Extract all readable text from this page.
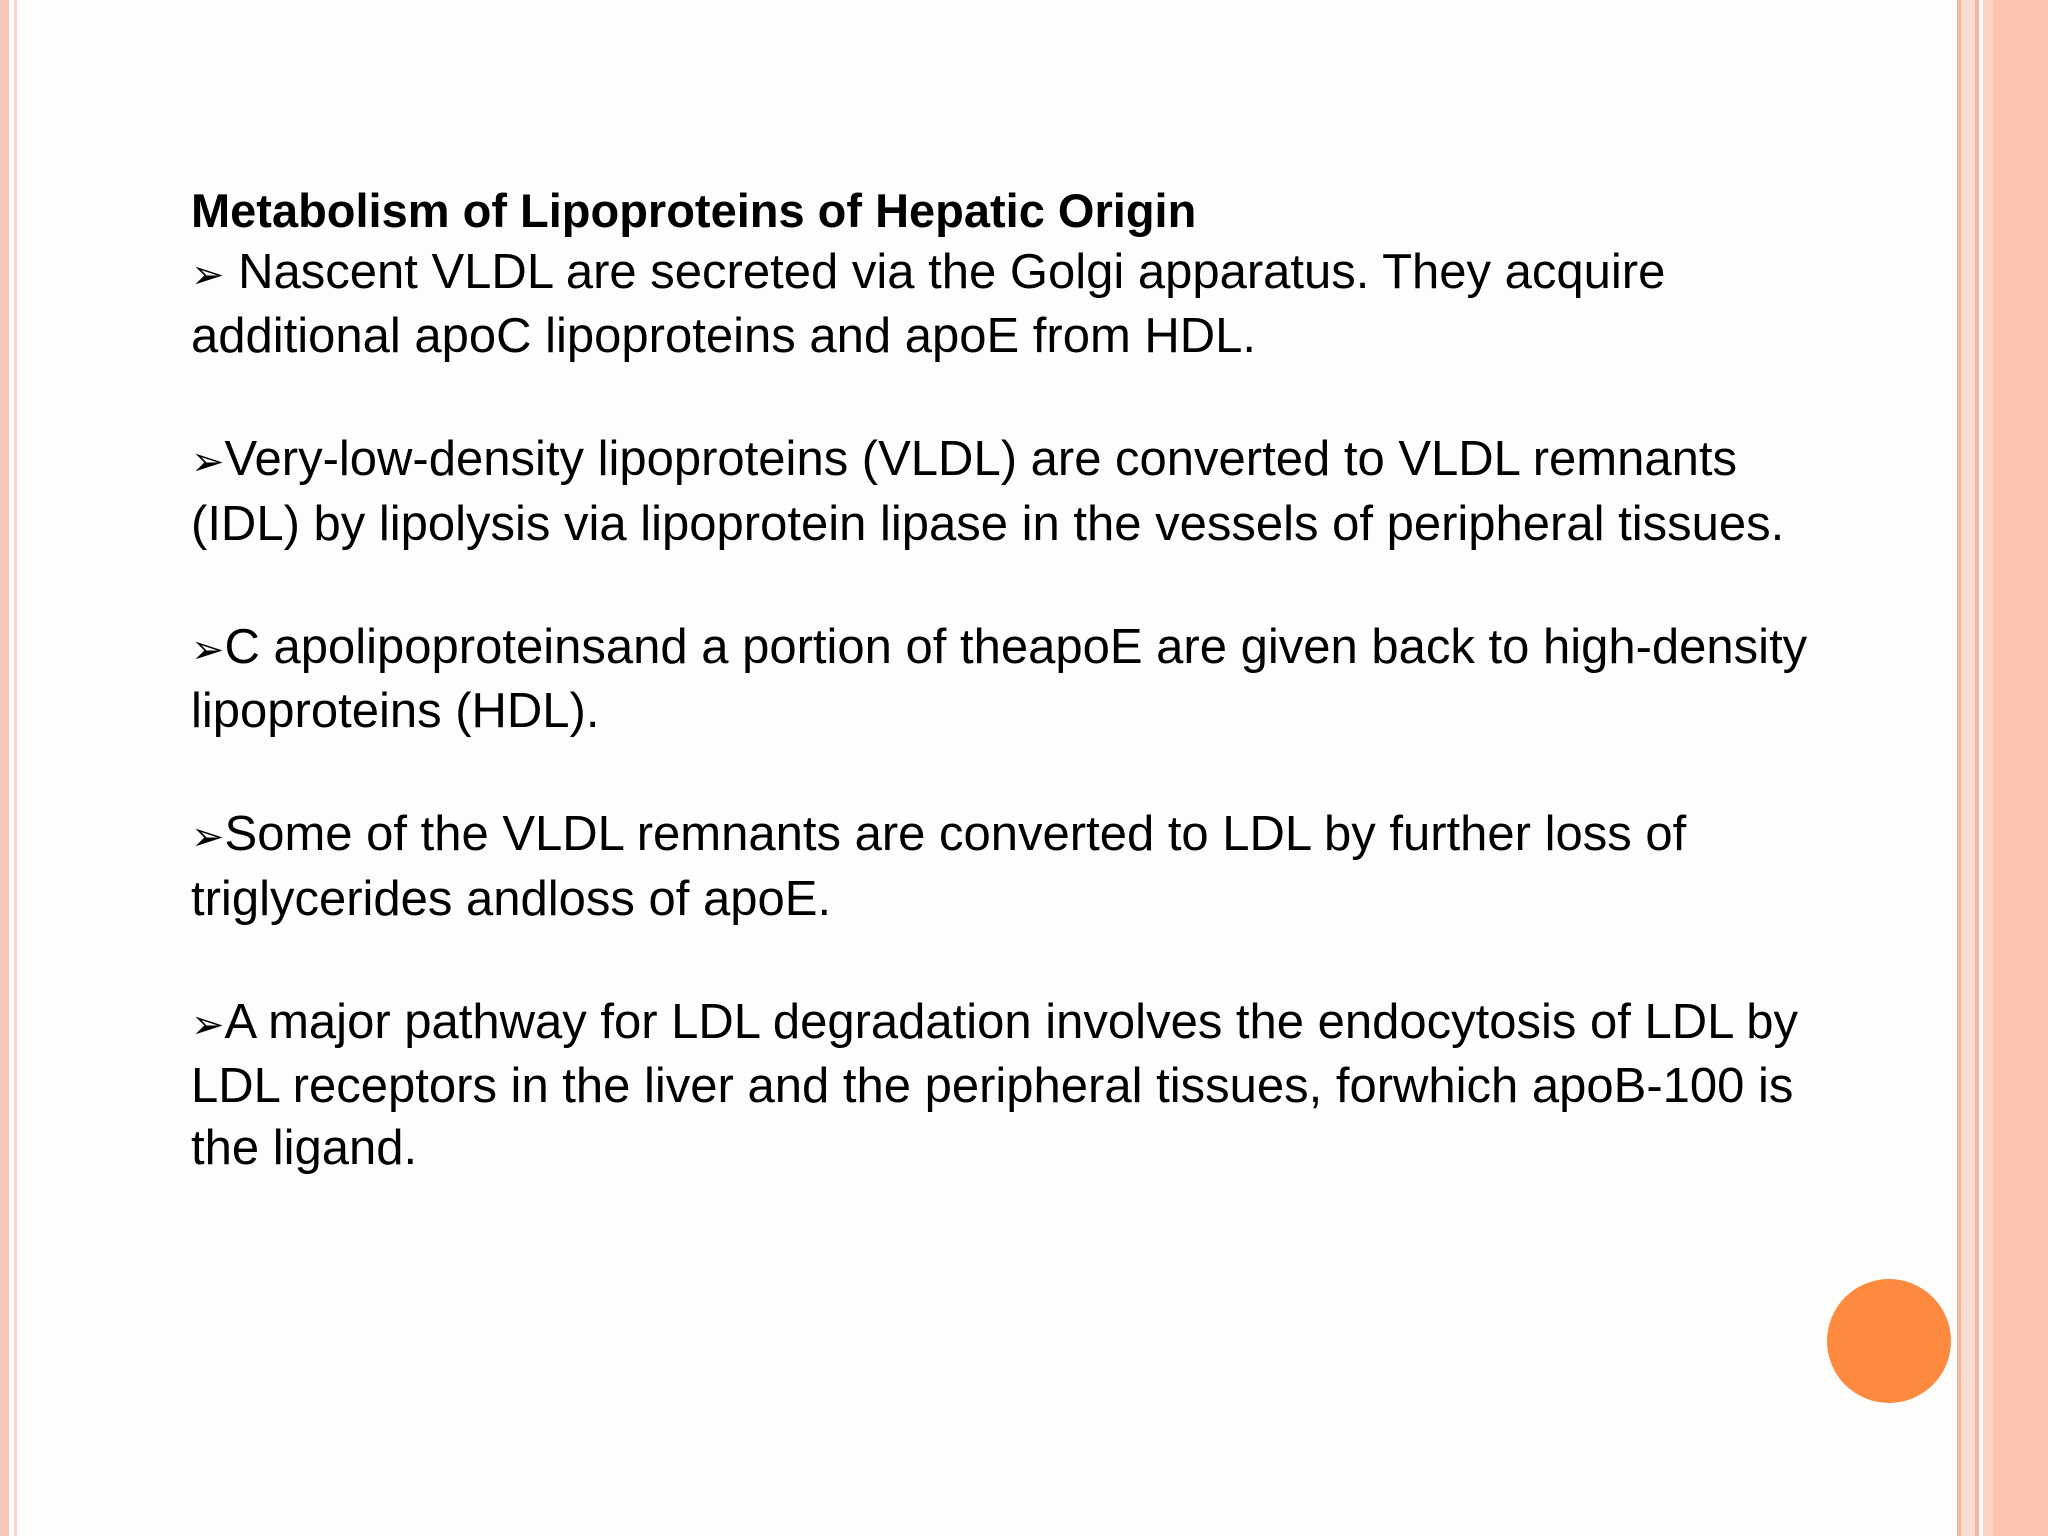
Metabolism of Lipoproteins of Hepatic Origin
➢ Nascent VLDL are secreted via the Golgi apparatus. They acquire additional apoC lipoproteins and apoE from HDL.
➢Very-low-density lipoproteins (VLDL) are converted to VLDL remnants (IDL) by lipolysis via lipoprotein lipase in the vessels of peripheral tissues.
➢C apolipoproteinsand a portion of theapoE are given back to high-density lipoproteins (HDL).
➢Some of the VLDL remnants are converted to LDL by further loss of triglycerides andloss of apoE.
➢A major pathway for LDL degradation involves the endocytosis of LDL by LDL receptors in the liver and the peripheral tissues, forwhich apoB-100 is the ligand.
